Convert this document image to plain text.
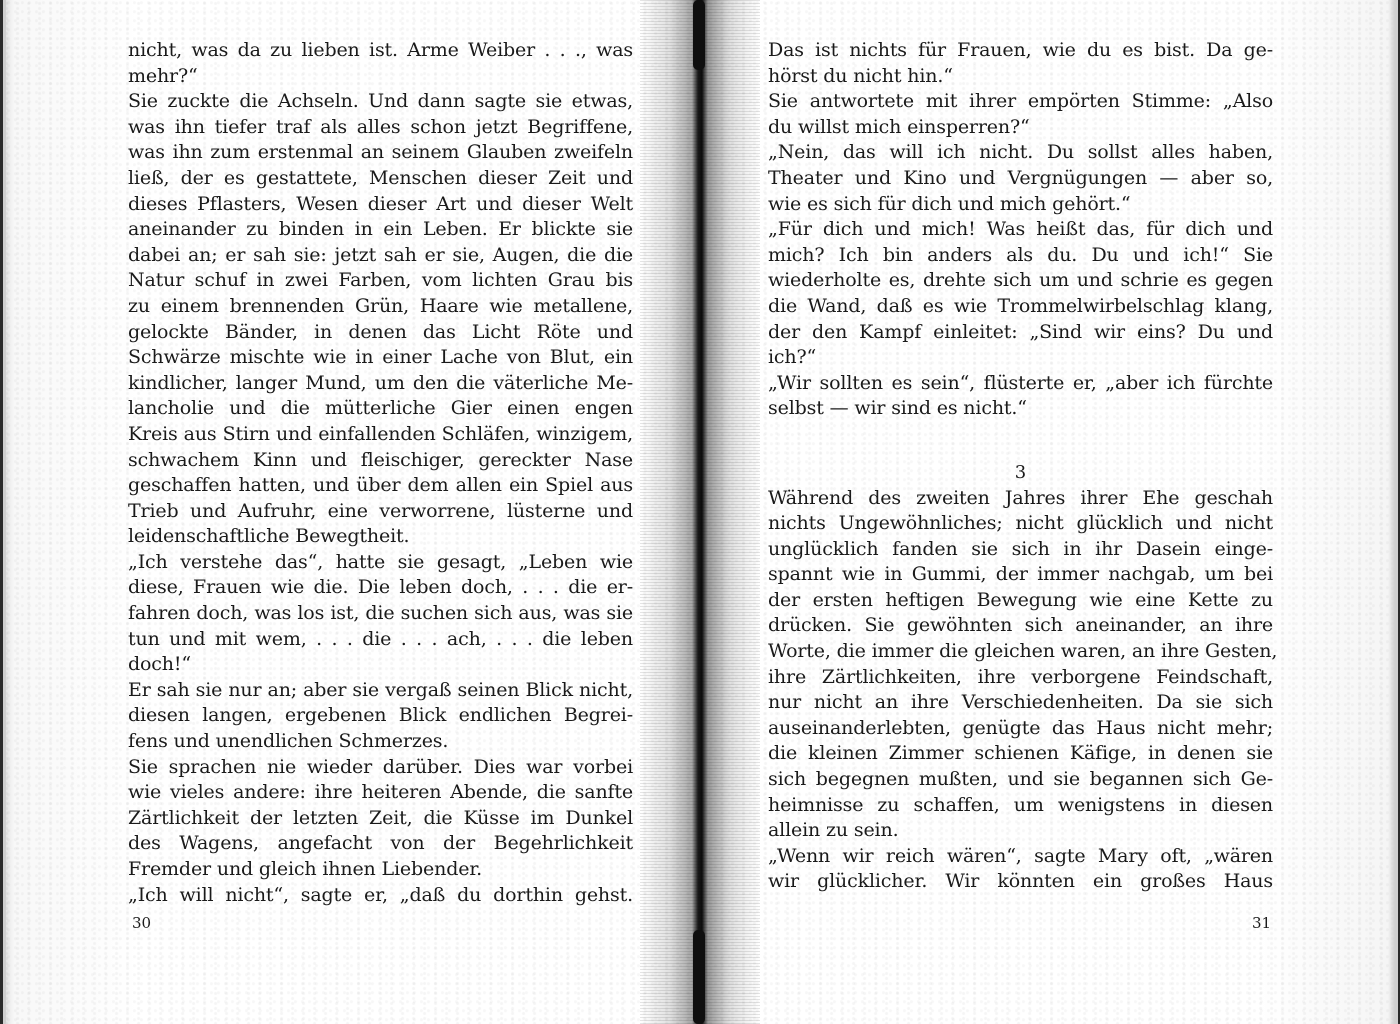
nicht, was da zu lieben ist. Arme Weiber . . ., was
mehr?“
Sie zuckte die Achseln. Und dann sagte sie etwas,
was ihn tiefer traf als alles schon jetzt Begriffene,
was ihn zum erstenmal an seinem Glauben zweifeln
ließ, der es gestattete, Menschen dieser Zeit und
dieses Pflasters, Wesen dieser Art und dieser Welt
aneinander zu binden in ein Leben. Er blickte sie
dabei an; er sah sie: jetzt sah er sie, Augen, die die
Natur schuf in zwei Farben, vom lichten Grau bis
zu einem brennenden Grün, Haare wie metallene,
gelockte Bänder, in denen das Licht Röte und
Schwärze mischte wie in einer Lache von Blut, ein
kindlicher, langer Mund, um den die väterliche Me-
lancholie und die mütterliche Gier einen engen
Kreis aus Stirn und einfallenden Schläfen, winzigem,
schwachem Kinn und fleischiger, gereckter Nase
geschaffen hatten, und über dem allen ein Spiel aus
Trieb und Aufruhr, eine verworrene, lüsterne und
leidenschaftliche Bewegtheit.
„Ich verstehe das“, hatte sie gesagt, „Leben wie
diese, Frauen wie die. Die leben doch, . . . die er-
fahren doch, was los ist, die suchen sich aus, was sie
tun und mit wem, . . . die . . . ach, . . . die leben
doch!“
Er sah sie nur an; aber sie vergaß seinen Blick nicht,
diesen langen, ergebenen Blick endlichen Begrei-
fens und unendlichen Schmerzes.
Sie sprachen nie wieder darüber. Dies war vorbei
wie vieles andere: ihre heiteren Abende, die sanfte
Zärtlichkeit der letzten Zeit, die Küsse im Dunkel
des Wagens, angefacht von der Begehrlichkeit
Fremder und gleich ihnen Liebender.
„Ich will nicht“, sagte er, „daß du dorthin gehst.
30
Das ist nichts für Frauen, wie du es bist. Da ge-
hörst du nicht hin.“
Sie antwortete mit ihrer empörten Stimme: „Also
du willst mich einsperren?“
„Nein, das will ich nicht. Du sollst alles haben,
Theater und Kino und Vergnügungen — aber so,
wie es sich für dich und mich gehört.“
„Für dich und mich! Was heißt das, für dich und
mich? Ich bin anders als du. Du und ich!“ Sie
wiederholte es, drehte sich um und schrie es gegen
die Wand, daß es wie Trommelwirbelschlag klang,
der den Kampf einleitet: „Sind wir eins? Du und
ich?“
„Wir sollten es sein“, flüsterte er, „aber ich fürchte
selbst — wir sind es nicht.“
3
Während des zweiten Jahres ihrer Ehe geschah
nichts Ungewöhnliches; nicht glücklich und nicht
unglücklich fanden sie sich in ihr Dasein einge-
spannt wie in Gummi, der immer nachgab, um bei
der ersten heftigen Bewegung wie eine Kette zu
drücken. Sie gewöhnten sich aneinander, an ihre
Worte, die immer die gleichen waren, an ihre Gesten,
ihre Zärtlichkeiten, ihre verborgene Feindschaft,
nur nicht an ihre Verschiedenheiten. Da sie sich
auseinanderlebten, genügte das Haus nicht mehr;
die kleinen Zimmer schienen Käfige, in denen sie
sich begegnen mußten, und sie begannen sich Ge-
heimnisse zu schaffen, um wenigstens in diesen
allein zu sein.
„Wenn wir reich wären“, sagte Mary oft, „wären
wir glücklicher. Wir könnten ein großes Haus
31
